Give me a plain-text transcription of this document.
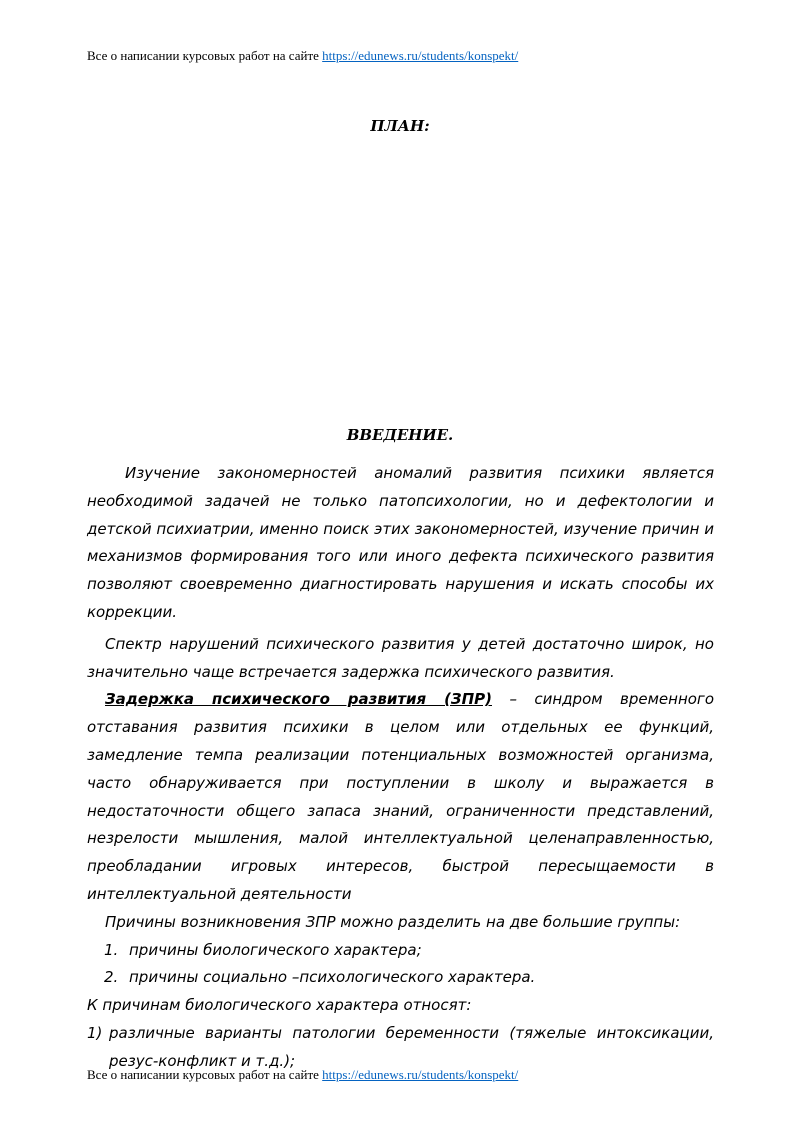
Все о написании курсовых работ на сайте https://edunews.ru/students/konspekt/
ПЛАН:
ВВЕДЕНИЕ.

Изучение закономерностей аномалий развития психики является необходимой задачей не только патопсихологии, но и дефектологии и детской психиатрии, именно поиск этих закономерностей, изучение причин и механизмов формирования того или иного дефекта психического развития позволяют своевременно диагностировать нарушения и искать способы их коррекции.

Спектр нарушений психического развития у детей достаточно широк, но значительно чаще встречается задержка психического развития.

Задержка психического развития (ЗПР) – синдром временного отставания развития психики в целом или отдельных ее функций, замедление темпа реализации потенциальных возможностей организма, часто обнаруживается при поступлении в школу и выражается в недостаточности общего запаса знаний, ограниченности представлений, незрелости мышления, малой интеллектуальной целенаправленностью, преобладании игровых интересов, быстрой пересыщаемости в интеллектуальной деятельности

Причины возникновения ЗПР можно разделить на две большие группы:

1. причины биологического характера;
2. причины социально –психологического характера.

К причинам биологического характера относят:

1) различные варианты патологии беременности (тяжелые интоксикации, резус-конфликт и т.д.);
Все о написании курсовых работ на сайте https://edunews.ru/students/konspekt/
